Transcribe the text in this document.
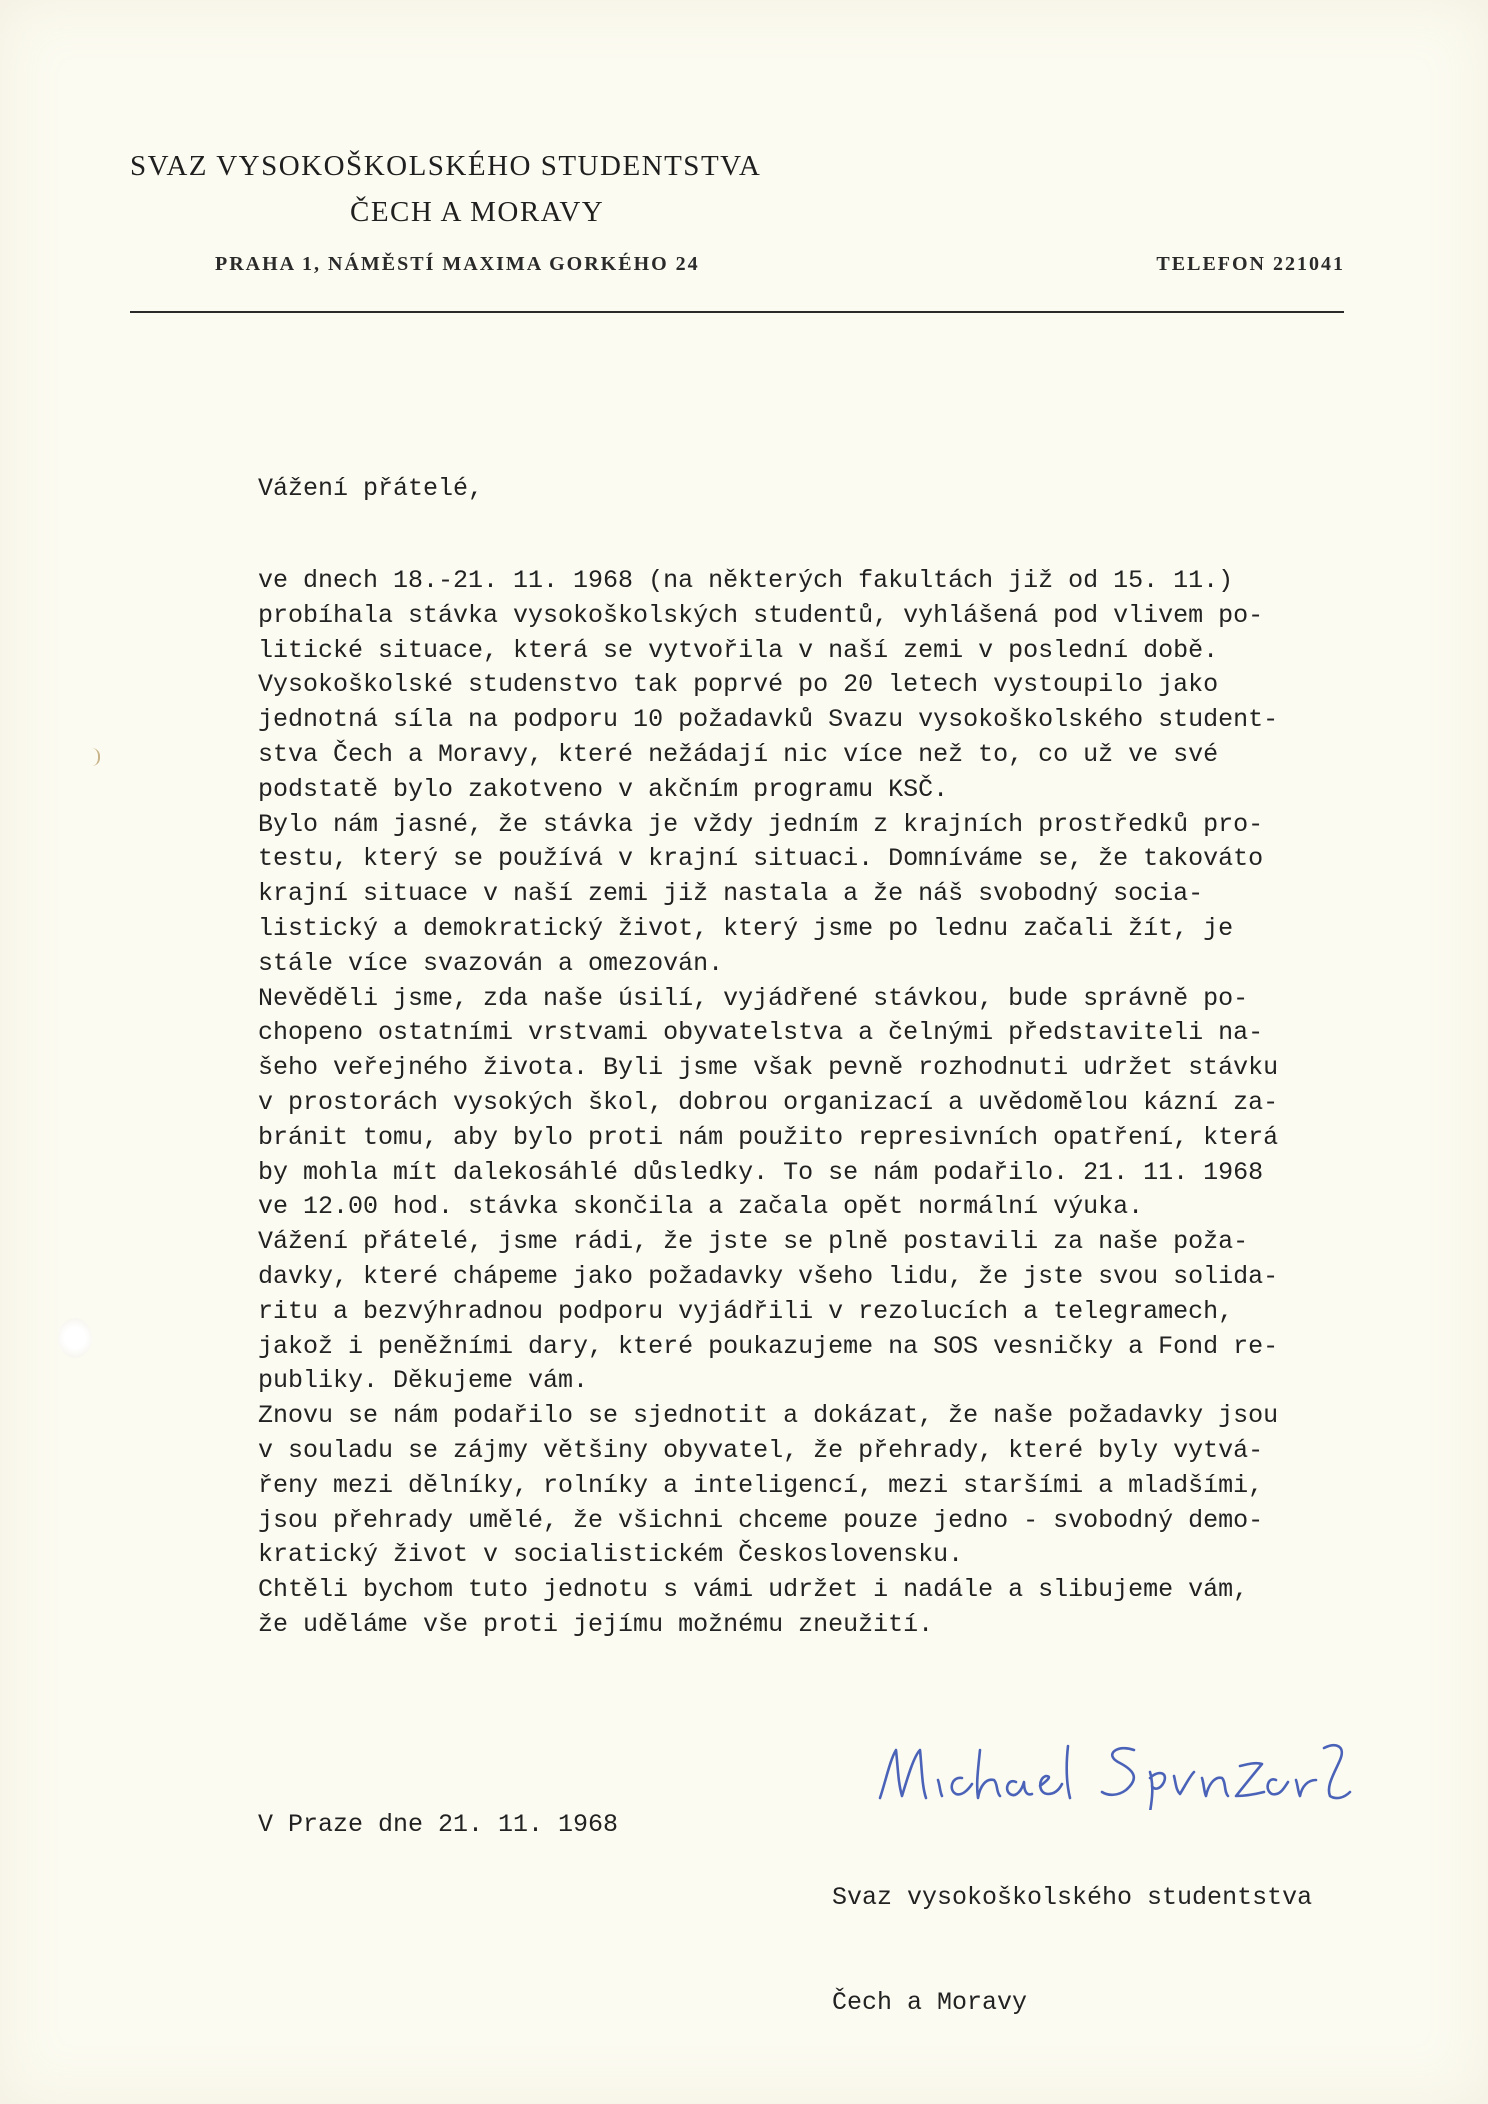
SVAZ VYSOKOŠKOLSKÉHO STUDENTSTVA
ČECH A MORAVY
PRAHA 1, NÁMĚSTÍ MAXIMA GORKÉHO 24	TELEFON 221041

Vážení přátelé,

ve dnech 18.-21. 11. 1968 (na některých fakultách již od 15. 11.)
probíhala stávka vysokoškolských studentů, vyhlášená pod vlivem po-
litické situace, která se vytvořila v naší zemi v poslední době.
Vysokoškolské studenstvo tak poprvé po 20 letech vystoupilo jako
jednotná síla na podporu 10 požadavků Svazu vysokoškolského student-
stva Čech a Moravy, které nežádají nic více než to, co už ve své
podstatě bylo zakotveno v akčním programu KSČ.
Bylo nám jasné, že stávka je vždy jedním z krajních prostředků pro-
testu, který se používá v krajní situaci. Domníváme se, že takováto
krajní situace v naší zemi již nastala a že náš svobodný socia-
listický a demokratický život, který jsme po lednu začali žít, je
stále více svazován a omezován.
Nevěděli jsme, zda naše úsilí, vyjádřené stávkou, bude správně po-
chopeno ostatními vrstvami obyvatelstva a čelnými představiteli na-
šeho veřejného života. Byli jsme však pevně rozhodnuti udržet stávku
v prostorách vysokých škol, dobrou organizací a uvědomělou kázní za-
bránit tomu, aby bylo proti nám použito represivních opatření, která
by mohla mít dalekosáhlé důsledky. To se nám podařilo. 21. 11. 1968
ve 12.00 hod. stávka skončila a začala opět normální výuka.
Vážení přátelé, jsme rádi, že jste se plně postavili za naše poža-
davky, které chápeme jako požadavky všeho lidu, že jste svou solida-
ritu a bezvýhradnou podporu vyjádřili v rezolucích a telegramech,
jakož i peněžními dary, které poukazujeme na SOS vesničky a Fond re-
publiky. Děkujeme vám.
Znovu se nám podařilo se sjednotit a dokázat, že naše požadavky jsou
v souladu se zájmy většiny obyvatel, že přehrady, které byly vytvá-
řeny mezi dělníky, rolníky a inteligencí, mezi staršími a mladšími,
jsou přehrady umělé, že všichni chceme pouze jedno - svobodný demo-
kratický život v socialistickém Československu.
Chtěli bychom tuto jednotu s vámi udržet i nadále a slibujeme vám,
že uděláme vše proti jejímu možnému zneužití.

V Praze dne 21. 11. 1968

Svaz vysokoškolského studentstva

Čech a Moravy
